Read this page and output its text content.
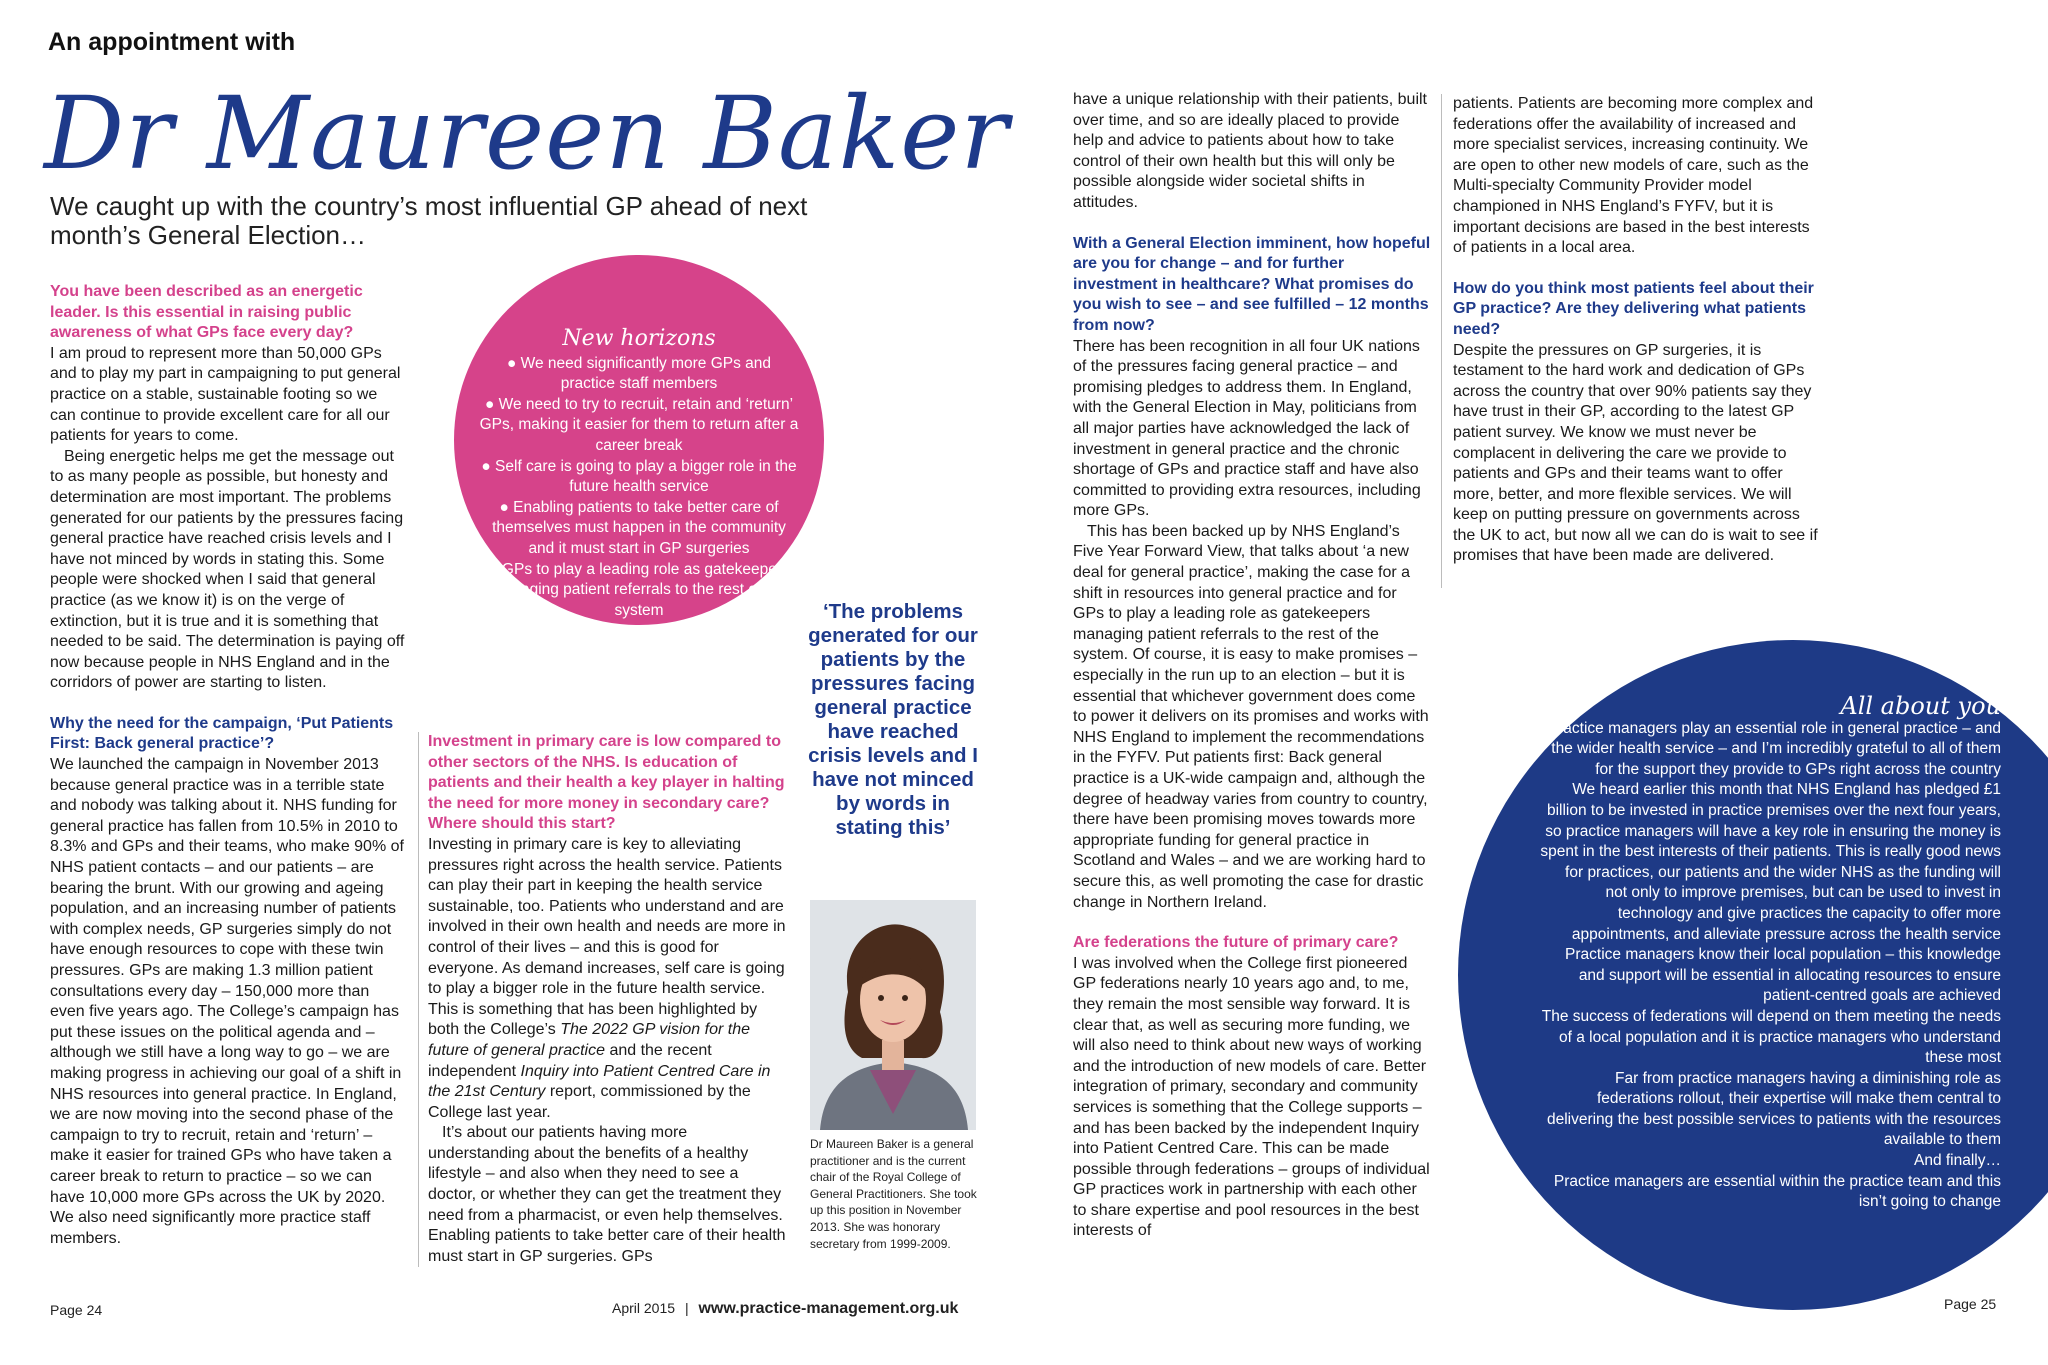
An appointment with
Dr Maureen Baker
We caught up with the country’s most influential GP ahead of next month’s General Election…

You have been described as an energetic leader. Is this essential in raising public awareness of what GPs face every day?

I am proud to represent more than 50,000 GPs and to play my part in campaigning to put general practice on a stable, sustainable footing so we can continue to provide excellent care for all our patients for years to come.

Being energetic helps me get the message out to as many people as possible, but honesty and determination are most important. The problems generated for our patients by the pressures facing general practice have reached crisis levels and I have not minced by words in stating this. Some people were shocked when I said that general practice (as we know it) is on the verge of extinction, but it is true and it is something that needed to be said. The determination is paying off now because people in NHS England and in the corridors of power are starting to listen.

Why the need for the campaign, ‘Put Patients First: Back general practice’?

We launched the campaign in November 2013 because general practice was in a terrible state and nobody was talking about it. NHS funding for general practice has fallen from 10.5% in 2010 to 8.3% and GPs and their teams, who make 90% of NHS patient contacts – and our patients – are bearing the brunt. With our growing and ageing population, and an increasing number of patients with complex needs, GP surgeries simply do not have enough resources to cope with these twin pressures. GPs are making 1.3 million patient consultations every day – 150,000 more than even five years ago. The College’s campaign has put these issues on the political agenda and – although we still have a long way to go – we are making progress in achieving our goal of a shift in NHS resources into general practice. In England, we are now moving into the second phase of the campaign to try to recruit, retain and ‘return’ – make it easier for trained GPs who have taken a career break to return to practice – so we can have 10,000 more GPs across the UK by 2020.

We also need significantly more practice staff members.

New horizons

● We need significantly more GPs and practice staff members

● We need to try to recruit, retain and ‘return’ GPs, making it easier for them to return after a career break

● Self care is going to play a bigger role in the future health service

● Enabling patients to take better care of themselves must happen in the community and it must start in GP surgeries

● GPs to play a leading role as gatekeepers managing patient referrals to the rest of the system

Investment in primary care is low compared to other sectors of the NHS. Is education of patients and their health a key player in halting the need for more money in secondary care? Where should this start?

Investing in primary care is key to alleviating pressures right across the health service. Patients can play their part in keeping the health service sustainable, too. Patients who understand and are involved in their own health and needs are more in control of their lives – and this is good for everyone. As demand increases, self care is going to play a bigger role in the future health service. This is something that has been highlighted by both the College’s The 2022 GP vision for the future of general practice and the recent independent Inquiry into Patient Centred Care in the 21st Century report, commissioned by the College last year.

It’s about our patients having more understanding about the benefits of a healthy lifestyle – and also when they need to see a doctor, or whether they can get the treatment they need from a pharmacist, or even help themselves. Enabling patients to take better care of their health must start in GP surgeries. GPs

‘The problems generated for our patients by the pressures facing general practice have reached crisis levels and I have not minced by words in stating this’
Dr Maureen Baker is a general practitioner and is the current chair of the Royal College of General Practitioners. She took up this position in November 2013. She was honorary secretary from 1999-2009.

have a unique relationship with their patients, built over time, and so are ideally placed to provide help and advice to patients about how to take control of their own health but this will only be possible alongside wider societal shifts in attitudes.

With a General Election imminent, how hopeful are you for change – and for further investment in healthcare? What promises do you wish to see – and see fulfilled – 12 months from now?

There has been recognition in all four UK nations of the pressures facing general practice – and promising pledges to address them. In England, with the General Election in May, politicians from all major parties have acknowledged the lack of investment in general practice and the chronic shortage of GPs and practice staff and have also committed to providing extra resources, including more GPs.

This has been backed up by NHS England’s Five Year Forward View, that talks about ‘a new deal for general practice’, making the case for a shift in resources into general practice and for GPs to play a leading role as gatekeepers managing patient referrals to the rest of the system. Of course, it is easy to make promises – especially in the run up to an election – but it is essential that whichever government does come to power it delivers on its promises and works with NHS England to implement the recommendations in the FYFV. Put patients first: Back general practice is a UK-wide campaign and, although the degree of headway varies from country to country, there have been promising moves towards more appropriate funding for general practice in Scotland and Wales – and we are working hard to secure this, as well promoting the case for drastic change in Northern Ireland.

Are federations the future of primary care?

I was involved when the College first pioneered GP federations nearly 10 years ago and, to me, they remain the most sensible way forward. It is clear that, as well as securing more funding, we will also need to think about new ways of working and the introduction of new models of care. Better integration of primary, secondary and community services is something that the College supports – and has been backed by the independent Inquiry into Patient Centred Care. This can be made possible through federations – groups of individual GP practices work in partnership with each other to share expertise and pool resources in the best interests of

patients. Patients are becoming more complex and federations offer the availability of increased and more specialist services, increasing continuity. We are open to other new models of care, such as the Multi-specialty Community Provider model championed in NHS England’s FYFV, but it is important decisions are based in the best interests of patients in a local area.

How do you think most patients feel about their GP practice? Are they delivering what patients need?

Despite the pressures on GP surgeries, it is testament to the hard work and dedication of GPs across the country that over 90% patients say they have trust in their GP, according to the latest GP patient survey. We know we must never be complacent in delivering the care we provide to patients and GPs and their teams want to offer more, better, and more flexible services. We will keep on putting pressure on governments across the UK to act, but now all we can do is wait to see if promises that have been made are delivered.

All about you

Practice managers play an essential role in general practice – and the wider health service – and I’m incredibly grateful to all of them for the support they provide to GPs right across the country

We heard earlier this month that NHS England has pledged £1 billion to be invested in practice premises over the next four years, so practice managers will have a key role in ensuring the money is spent in the best interests of their patients. This is really good news for practices, our patients and the wider NHS as the funding will not only to improve premises, but can be used to invest in technology and give practices the capacity to offer more appointments, and alleviate pressure across the health service

Practice managers know their local population – this knowledge and support will be essential in allocating resources to ensure patient-centred goals are achieved

The success of federations will depend on them meeting the needs of a local population and it is practice managers who understand these most

Far from practice managers having a diminishing role as federations rollout, their expertise will make them central to delivering the best possible services to patients with the resources available to them

And finally…

Practice managers are essential within the practice team and this isn’t going to change

Page 24	April 2015 | www.practice-management.org.uk	Page 25
